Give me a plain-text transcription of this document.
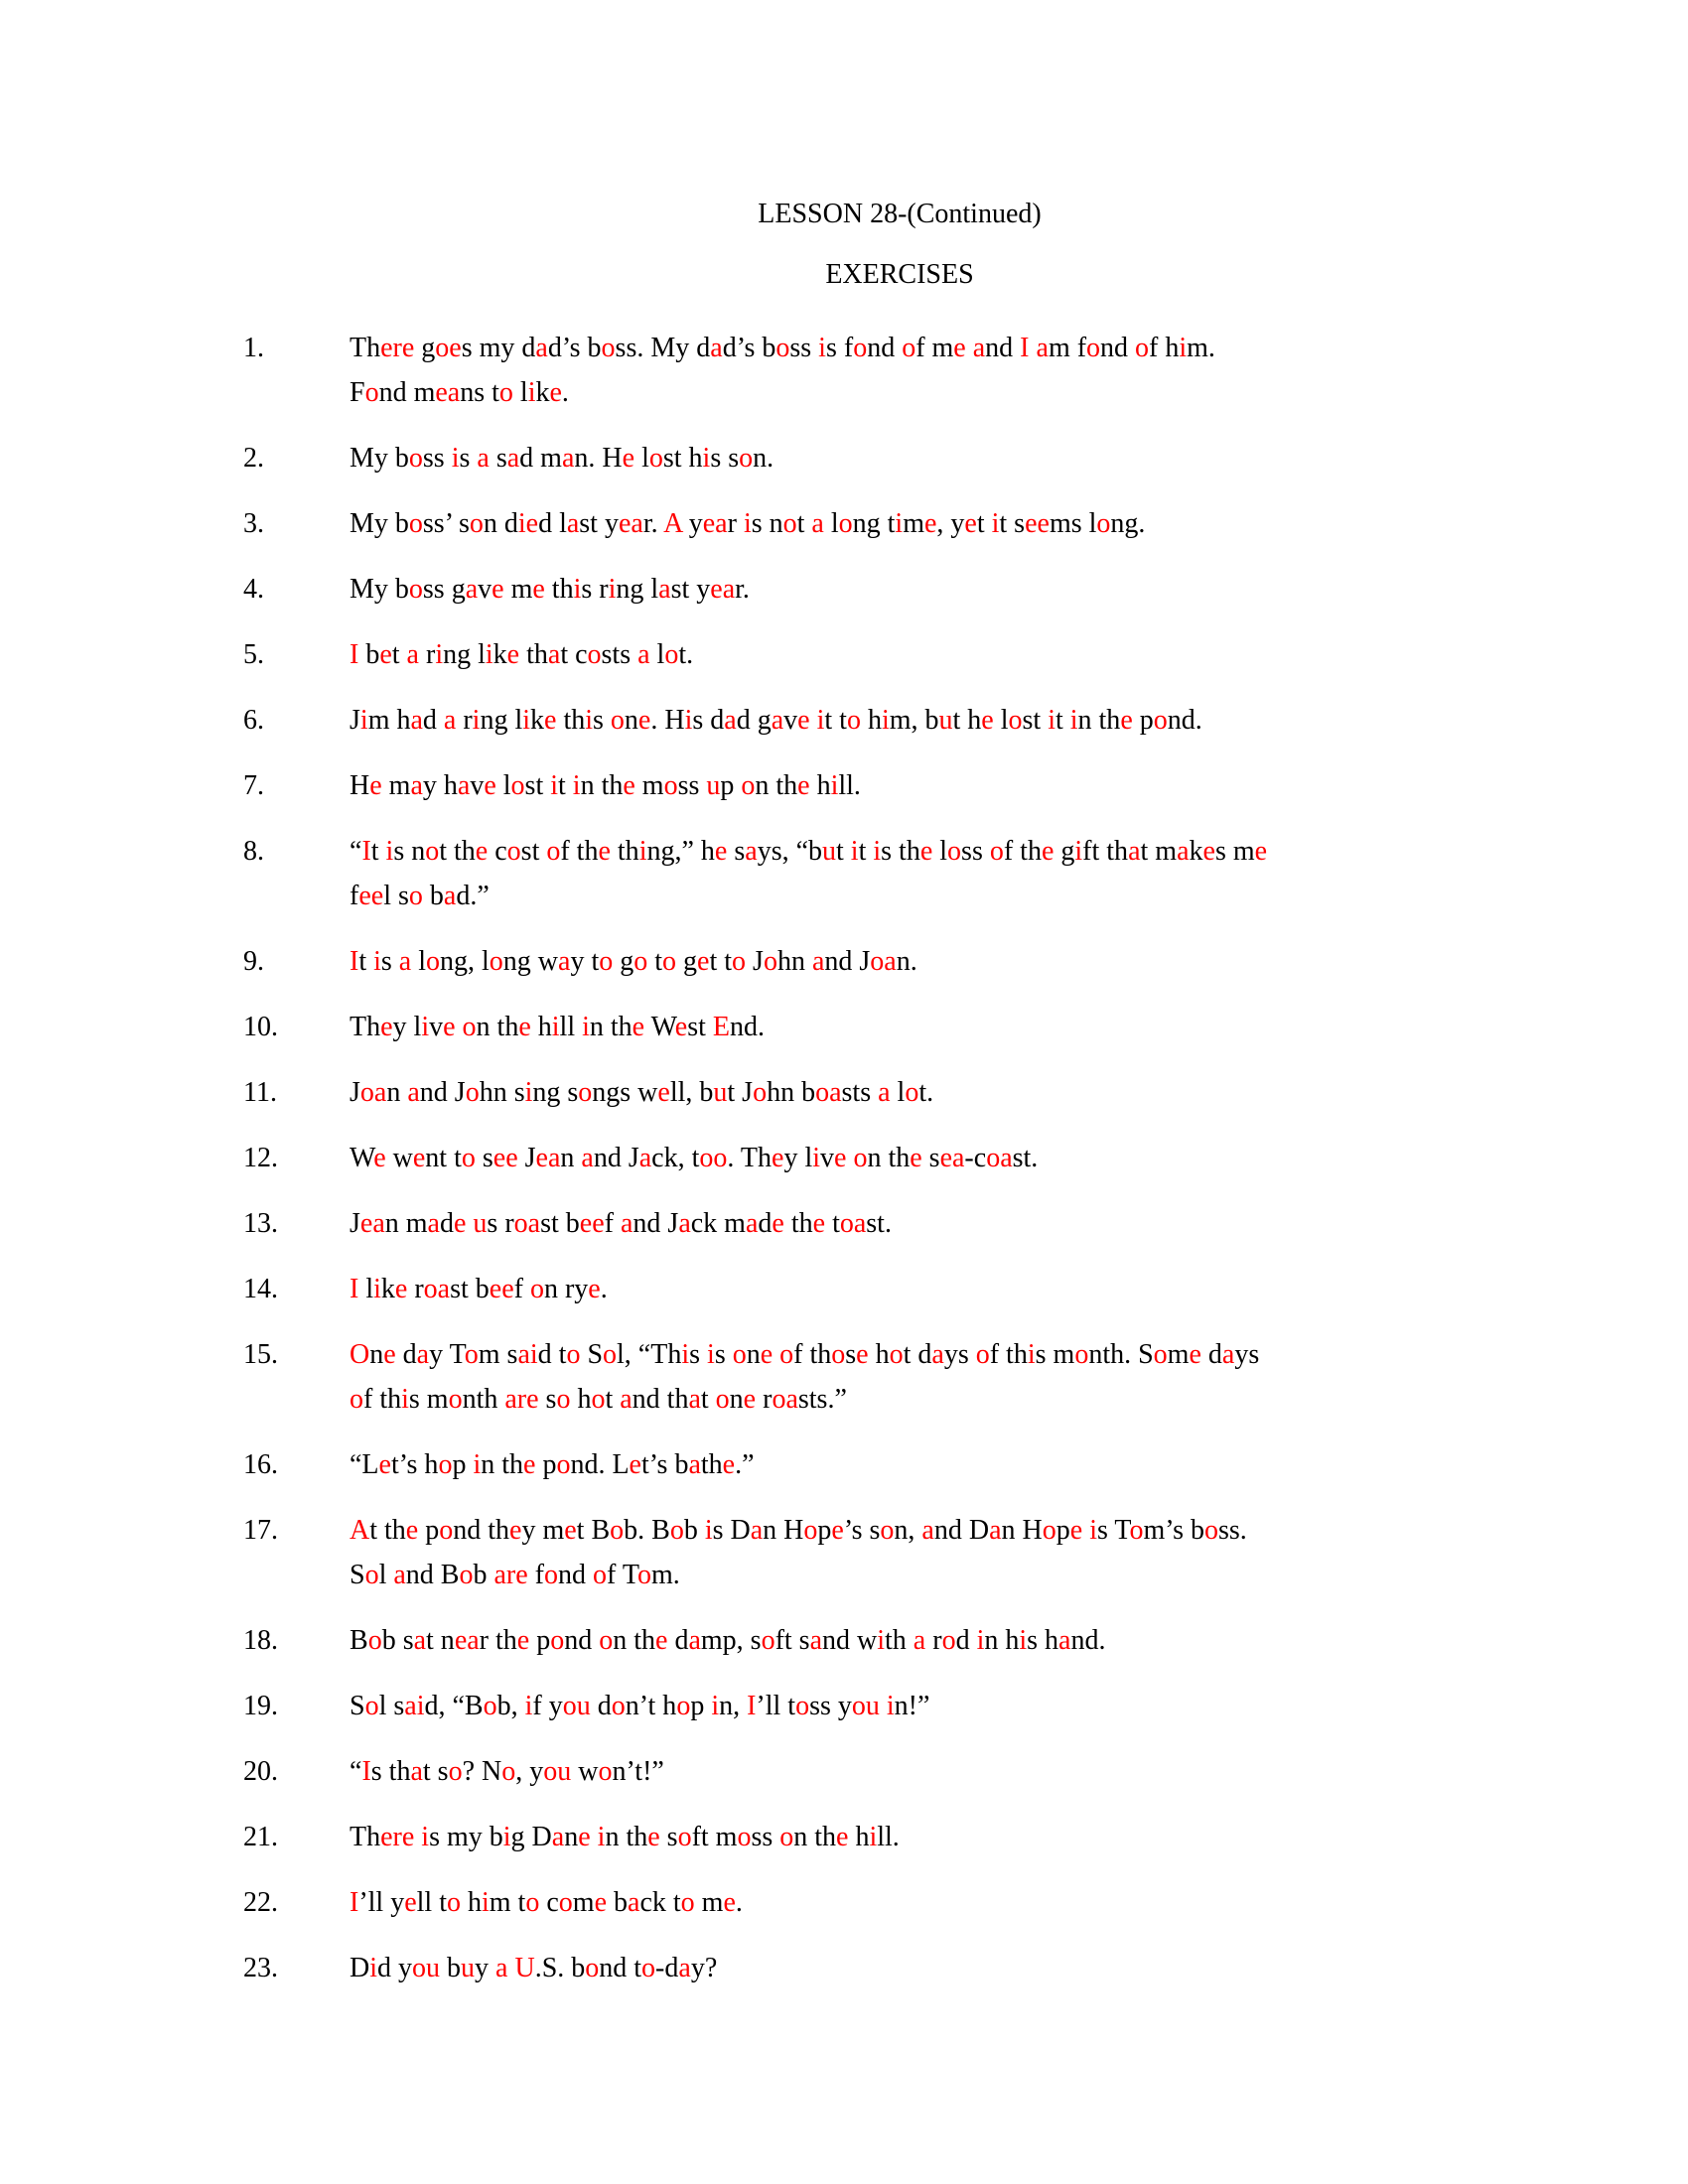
LESSON 28-(Continued)
EXERCISES
1.	There goes my dad’s boss. My dad’s boss is fond of me and I am fond of him.
Fond means to like.
2.	My boss is a sad man. He lost his son.
3.	My boss’ son died last year. A year is not a long time, yet it seems long.
4.	My boss gave me this ring last year.
5.	I bet a ring like that costs a lot.
6.	Jim had a ring like this one. His dad gave it to him, but he lost it in the pond.
7.	He may have lost it in the moss up on the hill.
8.	“It is not the cost of the thing,” he says, “but it is the loss of the gift that makes me
feel so bad.”
9.	It is a long, long way to go to get to John and Joan.
10.	They live on the hill in the West End.
11.	Joan and John sing songs well, but John boasts a lot.
12.	We went to see Jean and Jack, too. They live on the sea-coast.
13.	Jean made us roast beef and Jack made the toast.
14.	I like roast beef on rye.
15.	One day Tom said to Sol, “This is one of those hot days of this month. Some days
of this month are so hot and that one roasts.”
16.	“Let’s hop in the pond. Let’s bathe.”
17.	At the pond they met Bob. Bob is Dan Hope’s son, and Dan Hope is Tom’s boss.
Sol and Bob are fond of Tom.
18.	Bob sat near the pond on the damp, soft sand with a rod in his hand.
19.	Sol said, “Bob, if you don’t hop in, I’ll toss you in!”
20.	“Is that so? No, you won’t!”
21.	There is my big Dane in the soft moss on the hill.
22.	I’ll yell to him to come back to me.
23.	Did you buy a U.S. bond to-day?
